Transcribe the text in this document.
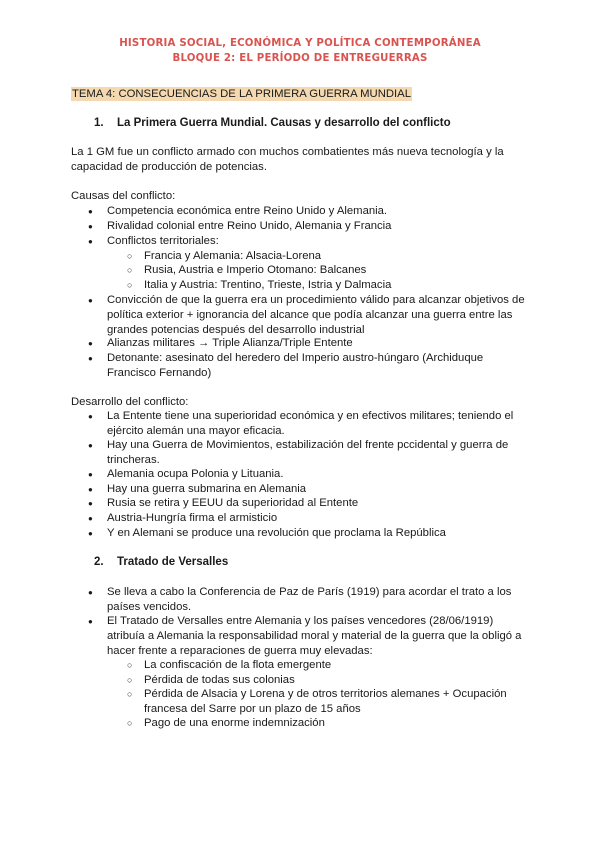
HISTORIA SOCIAL, ECONÓMICA Y POLÍTICA CONTEMPORÁNEA
BLOQUE 2: EL PERÍODO DE ENTREGUERRAS
TEMA 4: CONSECUENCIAS DE LA PRIMERA GUERRA MUNDIAL
1. La Primera Guerra Mundial. Causas y desarrollo del conflicto
La 1 GM fue un conflicto armado con muchos combatientes más nueva tecnología y la capacidad de producción de potencias.
Causas del conflicto:
● Competencia económica entre Reino Unido y Alemania.
● Rivalidad colonial entre Reino Unido, Alemania y Francia
● Conflictos territoriales:
○ Francia y Alemania: Alsacia-Lorena
○ Rusia, Austria e Imperio Otomano: Balcanes
○ Italia y Austria: Trentino, Trieste, Istria y Dalmacia
● Convicción de que la guerra era un procedimiento válido para alcanzar objetivos de política exterior + ignorancia del alcance que podía alcanzar una guerra entre las grandes potencias después del desarrollo industrial
● Alianzas militares → Triple Alianza/Triple Entente
● Detonante: asesinato del heredero del Imperio austro-húngaro (Archiduque Francisco Fernando)
Desarrollo del conflicto:
● La Entente tiene una superioridad económica y en efectivos militares; teniendo el ejército alemán una mayor eficacia.
● Hay una Guerra de Movimientos, estabilización del frente pccidental y guerra de trincheras.
● Alemania ocupa Polonia y Lituania.
● Hay una guerra submarina en Alemania
● Rusia se retira y EEUU da superioridad al Entente
● Austria-Hungría firma el armisticio
● Y en Alemani se produce una revolución que proclama la República
2. Tratado de Versalles
● Se lleva a cabo la Conferencia de Paz de París (1919) para acordar el trato a los países vencidos.
● El Tratado de Versalles entre Alemania y los países vencedores (28/06/1919) atribuía a Alemania la responsabilidad moral y material de la guerra que la obligó a hacer frente a reparaciones de guerra muy elevadas:
○ La confiscación de la flota emergente
○ Pérdida de todas sus colonias
○ Pérdida de Alsacia y Lorena y de otros territorios alemanes + Ocupación francesa del Sarre por un plazo de 15 años
○ Pago de una enorme indemnización
